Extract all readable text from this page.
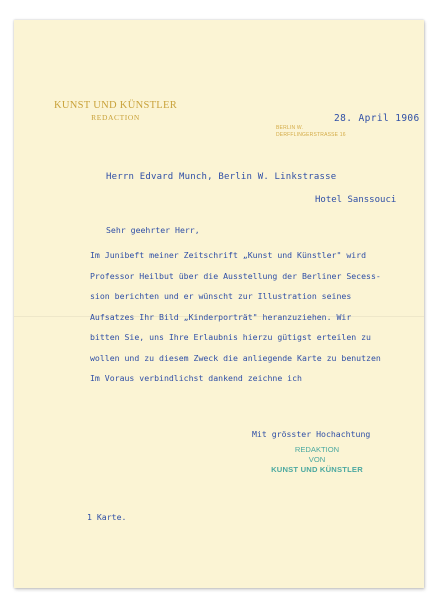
KUNST UND KÜNSTLER
REDACTION
BERLIN W.
DERFFLINGERSTRASSE 16
28. April 1906
Herrn Edvard Munch, Berlin W. Linkstrasse
Hotel Sanssouci
Sehr geehrter Herr,
Im Junibeft meiner Zeitschrift „Kunst und Künstler" wird
Professor Heilbut über die Ausstellung der Berliner Secess-
sion berichten und er wünscht zur Illustration seines
Aufsatzes Ihr Bild „Kinderporträt" heranzuziehen. Wir
bitten Sie, uns Ihre Erlaubnis hierzu gütigst erteilen zu
wollen und zu diesem Zweck die anliegende Karte zu benutzen
Im Voraus verbindlichst dankend zeichne ich
Mit grösster Hochachtung
REDAKTION
VON
KUNST UND KÜNSTLER
1 Karte.
